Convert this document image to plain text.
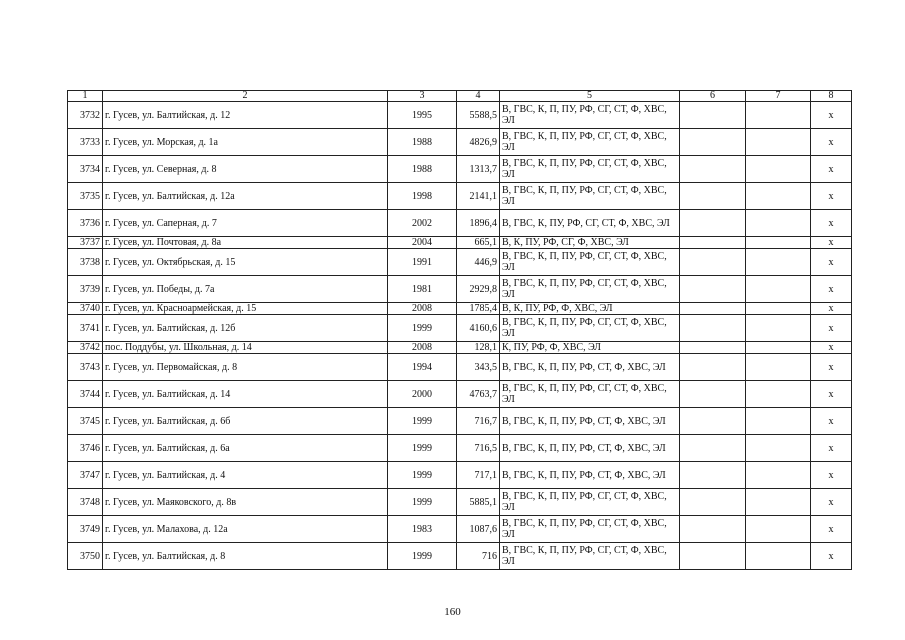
1	2	3	4	5	6	7	8
3732	г. Гусев, ул. Балтийская, д. 12	1995	5588,5	В, ГВС, К, П, ПУ, РФ, СГ, СТ, Ф, ХВС, ЭЛ			x
3733	г. Гусев, ул. Морская, д. 1а	1988	4826,9	В, ГВС, К, П, ПУ, РФ, СГ, СТ, Ф, ХВС, ЭЛ			x
3734	г. Гусев, ул. Северная, д. 8	1988	1313,7	В, ГВС, К, П, ПУ, РФ, СГ, СТ, Ф, ХВС, ЭЛ			x
3735	г. Гусев, ул. Балтийская, д. 12а	1998	2141,1	В, ГВС, К, П, ПУ, РФ, СГ, СТ, Ф, ХВС, ЭЛ			x
3736	г. Гусев, ул. Саперная, д. 7	2002	1896,4	В, ГВС, К, ПУ, РФ, СГ, СТ, Ф, ХВС, ЭЛ			x
3737	г. Гусев, ул. Почтовая, д. 8а	2004	665,1	В, К, ПУ, РФ, СГ, Ф, ХВС, ЭЛ			x
3738	г. Гусев, ул. Октябрьская, д. 15	1991	446,9	В, ГВС, К, П, ПУ, РФ, СГ, СТ, Ф, ХВС, ЭЛ			x
3739	г. Гусев, ул. Победы, д. 7а	1981	2929,8	В, ГВС, К, П, ПУ, РФ, СГ, СТ, Ф, ХВС, ЭЛ			x
3740	г. Гусев, ул. Красноармейская, д. 15	2008	1785,4	В, К, ПУ, РФ, Ф, ХВС, ЭЛ			x
3741	г. Гусев, ул. Балтийская, д. 12б	1999	4160,6	В, ГВС, К, П, ПУ, РФ, СГ, СТ, Ф, ХВС, ЭЛ			x
3742	пос. Поддубы, ул. Школьная, д. 14	2008	128,1	К, ПУ, РФ, Ф, ХВС, ЭЛ			x
3743	г. Гусев, ул. Первомайская, д. 8	1994	343,5	В, ГВС, К, П, ПУ, РФ, СТ, Ф, ХВС, ЭЛ			x
3744	г. Гусев, ул. Балтийская, д. 14	2000	4763,7	В, ГВС, К, П, ПУ, РФ, СГ, СТ, Ф, ХВС, ЭЛ			x
3745	г. Гусев, ул. Балтийская, д. 6б	1999	716,7	В, ГВС, К, П, ПУ, РФ, СТ, Ф, ХВС, ЭЛ			x
3746	г. Гусев, ул. Балтийская, д. 6а	1999	716,5	В, ГВС, К, П, ПУ, РФ, СТ, Ф, ХВС, ЭЛ			x
3747	г. Гусев, ул. Балтийская, д. 4	1999	717,1	В, ГВС, К, П, ПУ, РФ, СТ, Ф, ХВС, ЭЛ			x
3748	г. Гусев, ул. Маяковского, д. 8в	1999	5885,1	В, ГВС, К, П, ПУ, РФ, СГ, СТ, Ф, ХВС, ЭЛ			x
3749	г. Гусев, ул. Малахова, д. 12а	1983	1087,6	В, ГВС, К, П, ПУ, РФ, СГ, СТ, Ф, ХВС, ЭЛ			x
3750	г. Гусев, ул. Балтийская, д. 8	1999	716	В, ГВС, К, П, ПУ, РФ, СГ, СТ, Ф, ХВС, ЭЛ			x
160
